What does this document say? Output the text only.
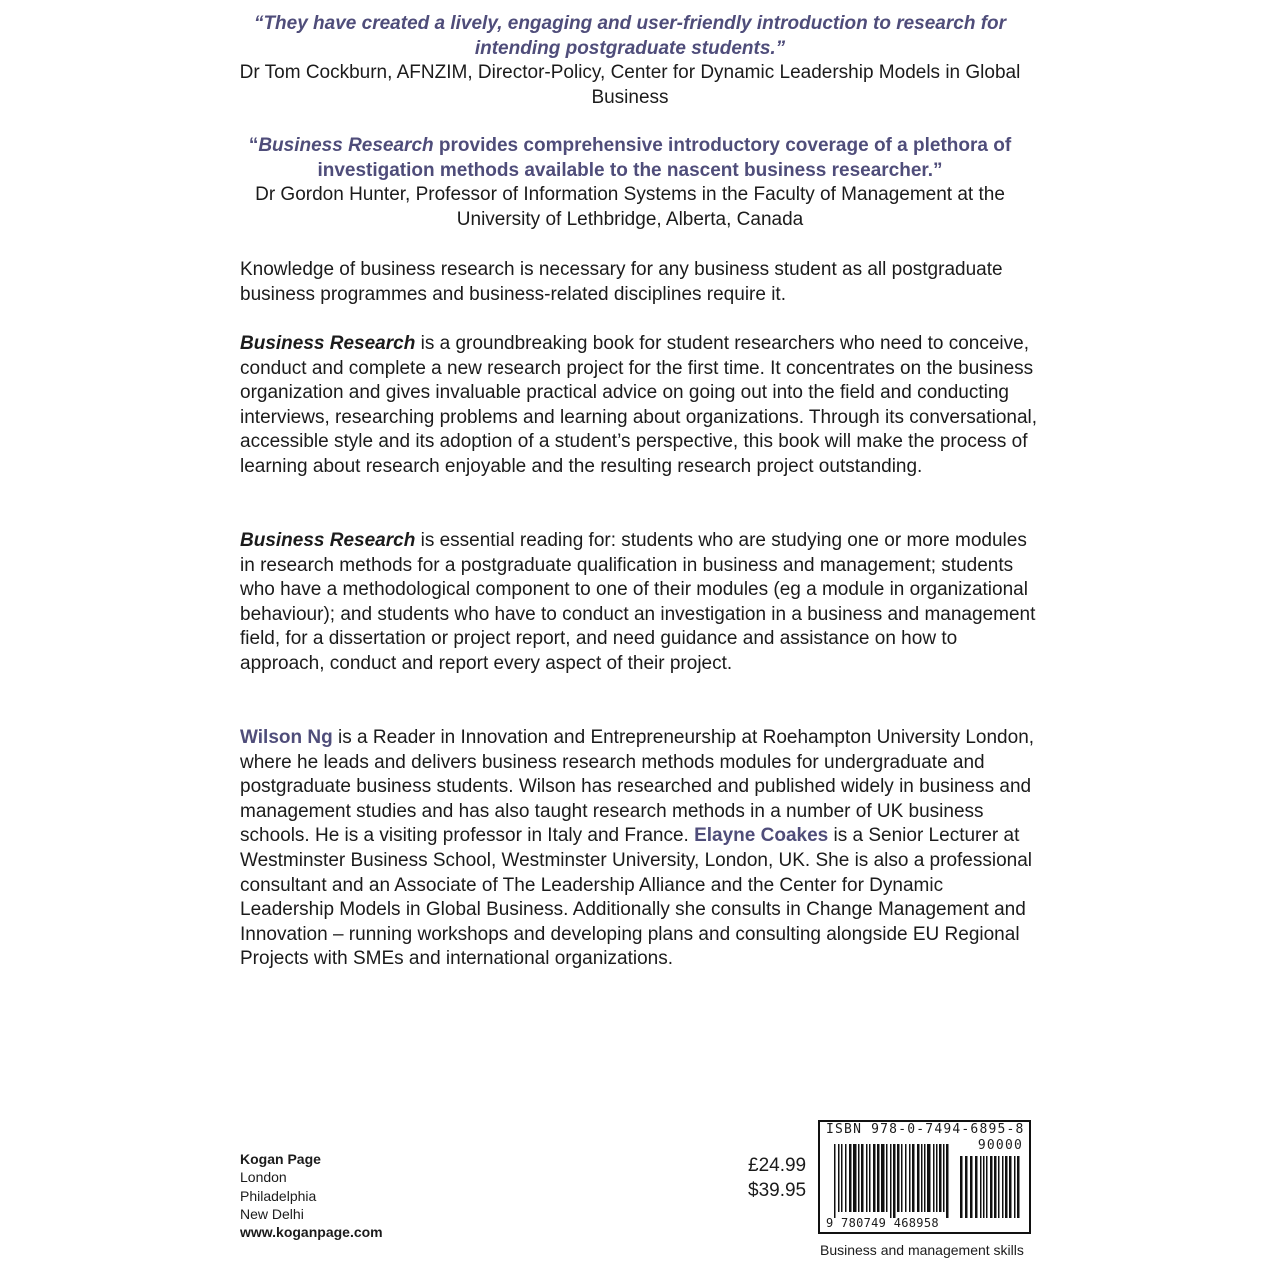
“They have created a lively, engaging and user-friendly introduction to research for intending postgraduate students.”

Dr Tom Cockburn, AFNZIM, Director-Policy, Center for Dynamic Leadership Models in Global Business

“Business Research provides comprehensive introductory coverage of a plethora of investigation methods available to the nascent business researcher.”

Dr Gordon Hunter, Professor of Information Systems in the Faculty of Management at the University of Lethbridge, Alberta, Canada

Knowledge of business research is necessary for any business student as all postgraduate business programmes and business-related disciplines require it.

Business Research is a groundbreaking book for student researchers who need to conceive, conduct and complete a new research project for the first time. It concentrates on the business organization and gives invaluable practical advice on going out into the field and conducting interviews, researching problems and learning about organizations. Through its conversational, accessible style and its adoption of a student’s perspective, this book will make the process of learning about research enjoyable and the resulting research project outstanding.

Business Research is essential reading for: students who are studying one or more modules in research methods for a postgraduate qualification in business and management; students who have a methodological component to one of their modules (eg a module in organizational behaviour); and students who have to conduct an investigation in a business and management field, for a dissertation or project report, and need guidance and assistance on how to approach, conduct and report every aspect of their project.

Wilson Ng is a Reader in Innovation and Entrepreneurship at Roehampton University London, where he leads and delivers business research methods modules for undergraduate and postgraduate business students. Wilson has researched and published widely in business and management studies and has also taught research methods in a number of UK business schools. He is a visiting professor in Italy and France. Elayne Coakes is a Senior Lecturer at Westminster Business School, Westminster University, London, UK. She is also a professional consultant and an Associate of The Leadership Alliance and the Center for Dynamic Leadership Models in Global Business. Additionally she consults in Change Management and Innovation – running workshops and developing plans and consulting alongside EU Regional Projects with SMEs and international organizations.

Kogan Page
London
Philadelphia
New Delhi
www.koganpage.com
£24.99
$39.95
ISBN 978-0-7494-6895-8
90000
9 780749 468958
Business and management skills
